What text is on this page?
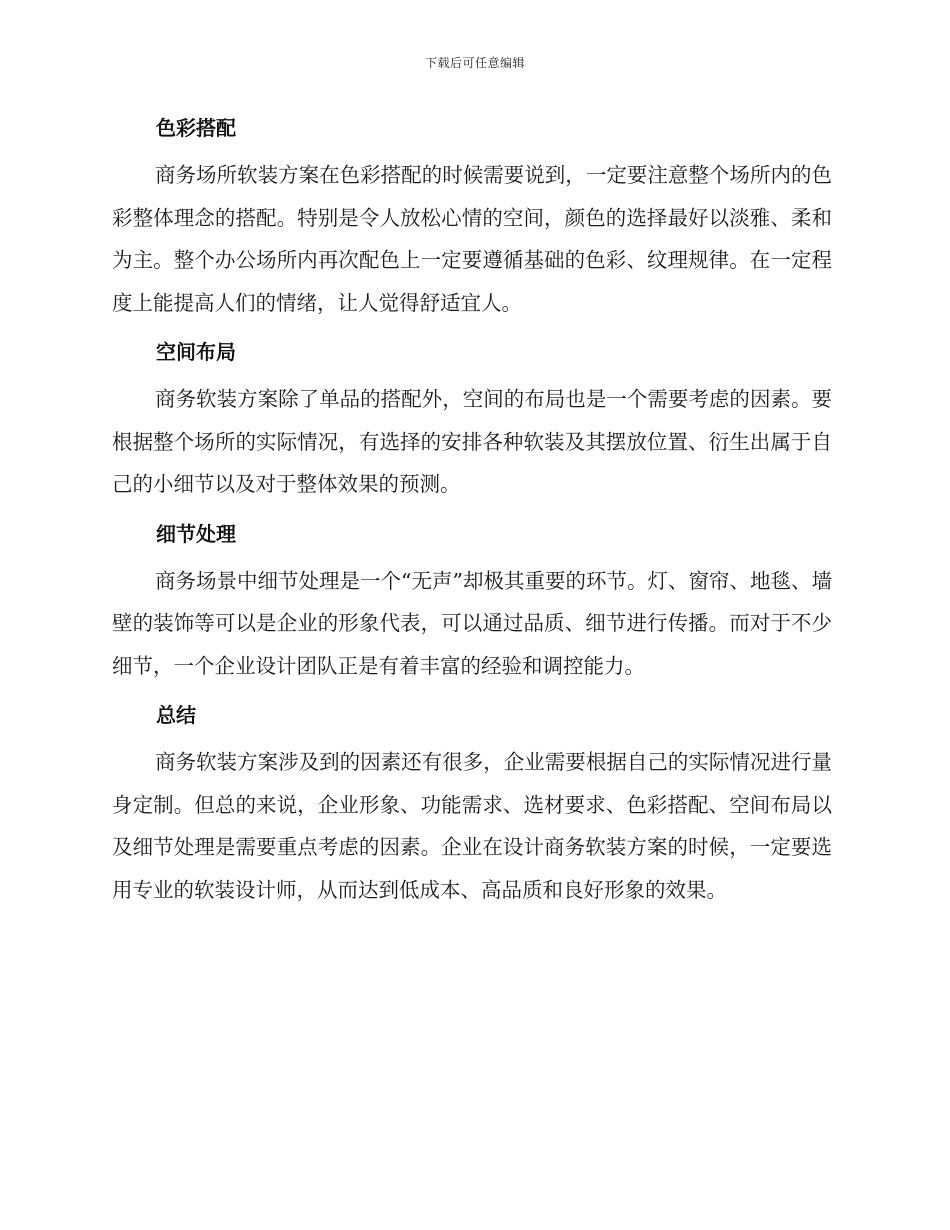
下载后可任意编辑
色彩搭配

商务场所软装方案在色彩搭配的时候需要说到，一定要注意整个场所内的色彩整体理念的搭配。特别是令人放松心情的空间，颜色的选择最好以淡雅、柔和为主。整个办公场所内再次配色上一定要遵循基础的色彩、纹理规律。在一定程度上能提高人们的情绪，让人觉得舒适宜人。

空间布局

商务软装方案除了单品的搭配外，空间的布局也是一个需要考虑的因素。要根据整个场所的实际情况，有选择的安排各种软装及其摆放位置、衍生出属于自己的小细节以及对于整体效果的预测。

细节处理

商务场景中细节处理是一个“无声”却极其重要的环节。灯、窗帘、地毯、墙壁的装饰等可以是企业的形象代表，可以通过品质、细节进行传播。而对于不少细节，一个企业设计团队正是有着丰富的经验和调控能力。

总结

商务软装方案涉及到的因素还有很多，企业需要根据自己的实际情况进行量身定制。但总的来说，企业形象、功能需求、选材要求、色彩搭配、空间布局以及细节处理是需要重点考虑的因素。企业在设计商务软装方案的时候，一定要选用专业的软装设计师，从而达到低成本、高品质和良好形象的效果。
